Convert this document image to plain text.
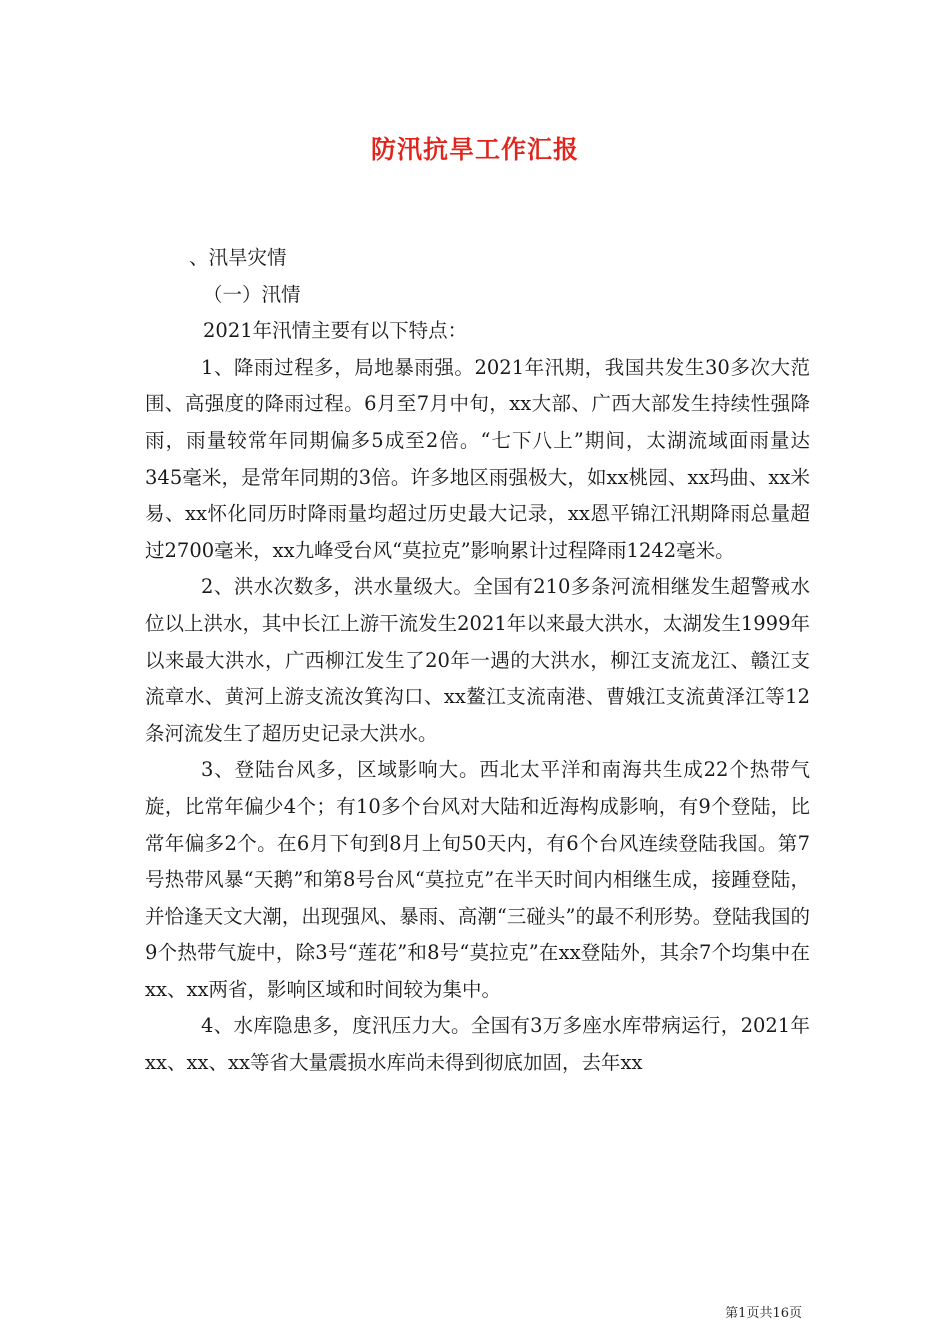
防汛抗旱工作汇报

、汛旱灾情

（一）汛情

2021年汛情主要有以下特点：

1、降雨过程多，局地暴雨强。2021年汛期，我国共发生30多次大范围、高强度的降雨过程。6月至7月中旬，xx大部、广西大部发生持续性强降雨，雨量较常年同期偏多5成至2倍。“七下八上”期间，太湖流域面雨量达345毫米，是常年同期的3倍。许多地区雨强极大，如xx桃园、xx玛曲、xx米易、xx怀化同历时降雨量均超过历史最大记录，xx恩平锦江汛期降雨总量超过2700毫米，xx九峰受台风“莫拉克”影响累计过程降雨1242毫米。

2、洪水次数多，洪水量级大。全国有210多条河流相继发生超警戒水位以上洪水，其中长江上游干流发生2021年以来最大洪水，太湖发生1999年以来最大洪水，广西柳江发生了20年一遇的大洪水，柳江支流龙江、赣江支流章水、黄河上游支流汝箕沟口、xx鳌江支流南港、曹娥江支流黄泽江等12条河流发生了超历史记录大洪水。

3、登陆台风多，区域影响大。西北太平洋和南海共生成22个热带气旋，比常年偏少4个；有10多个台风对大陆和近海构成影响，有9个登陆，比常年偏多2个。在6月下旬到8月上旬50天内，有6个台风连续登陆我国。第7号热带风暴“天鹅”和第8号台风“莫拉克”在半天时间内相继生成，接踵登陆，并恰逢天文大潮，出现强风、暴雨、高潮“三碰头”的最不利形势。登陆我国的9个热带气旋中，除3号“莲花”和8号“莫拉克”在xx登陆外，其余7个均集中在xx、xx两省，影响区域和时间较为集中。

4、水库隐患多，度汛压力大。全国有3万多座水库带病运行，2021年xx、xx、xx等省大量震损水库尚未得到彻底加固，去年xx

第1页共16页
